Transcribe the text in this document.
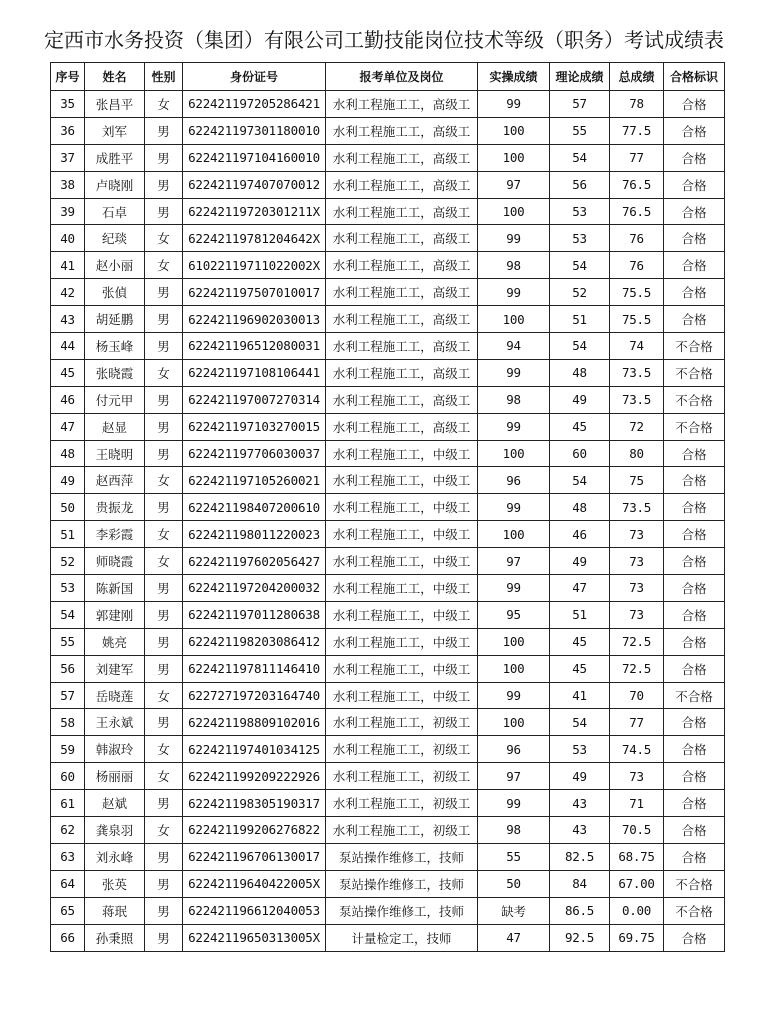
定西市水务投资（集团）有限公司工勤技能岗位技术等级（职务）考试成绩表
序号	姓名	性别	身份证号	报考单位及岗位	实操成绩	理论成绩	总成绩	合格标识
35	张昌平	女	622421197205286421	水利工程施工工，高级工	99	57	78	合格
36	刘军	男	622421197301180010	水利工程施工工，高级工	100	55	77.5	合格
37	成胜平	男	622421197104160010	水利工程施工工，高级工	100	54	77	合格
38	卢晓刚	男	622421197407070012	水利工程施工工，高级工	97	56	76.5	合格
39	石卓	男	62242119720301211X	水利工程施工工，高级工	100	53	76.5	合格
40	纪琰	女	62242119781204642X	水利工程施工工，高级工	99	53	76	合格
41	赵小丽	女	61022119711022002X	水利工程施工工，高级工	98	54	76	合格
42	张偵	男	622421197507010017	水利工程施工工，高级工	99	52	75.5	合格
43	胡延鹏	男	622421196902030013	水利工程施工工，高级工	100	51	75.5	合格
44	杨玉峰	男	622421196512080031	水利工程施工工，高级工	94	54	74	不合格
45	张晓霞	女	622421197108106441	水利工程施工工，高级工	99	48	73.5	不合格
46	付元甲	男	622421197007270314	水利工程施工工，高级工	98	49	73.5	不合格
47	赵显	男	622421197103270015	水利工程施工工，高级工	99	45	72	不合格
48	王晓明	男	622421197706030037	水利工程施工工，中级工	100	60	80	合格
49	赵西萍	女	622421197105260021	水利工程施工工，中级工	96	54	75	合格
50	贵振龙	男	622421198407200610	水利工程施工工，中级工	99	48	73.5	合格
51	李彩霞	女	622421198011220023	水利工程施工工，中级工	100	46	73	合格
52	师晓霞	女	622421197602056427	水利工程施工工，中级工	97	49	73	合格
53	陈新国	男	622421197204200032	水利工程施工工，中级工	99	47	73	合格
54	郭建刚	男	622421197011280638	水利工程施工工，中级工	95	51	73	合格
55	姚亮	男	622421198203086412	水利工程施工工，中级工	100	45	72.5	合格
56	刘建军	男	622421197811146410	水利工程施工工，中级工	100	45	72.5	合格
57	岳晓莲	女	622727197203164740	水利工程施工工，中级工	99	41	70	不合格
58	王永斌	男	622421198809102016	水利工程施工工，初级工	100	54	77	合格
59	韩淑玲	女	622421197401034125	水利工程施工工，初级工	96	53	74.5	合格
60	杨丽丽	女	622421199209222926	水利工程施工工，初级工	97	49	73	合格
61	赵斌	男	622421198305190317	水利工程施工工，初级工	99	43	71	合格
62	龚泉羽	女	622421199206276822	水利工程施工工，初级工	98	43	70.5	合格
63	刘永峰	男	622421196706130017	泵站操作维修工，技师	55	82.5	68.75	合格
64	张英	男	62242119640422005X	泵站操作维修工，技师	50	84	67.00	不合格
65	蒋珉	男	622421196612040053	泵站操作维修工，技师	缺考	86.5	0.00	不合格
66	孙秉照	男	62242119650313005X	计量检定工，技师	47	92.5	69.75	合格
